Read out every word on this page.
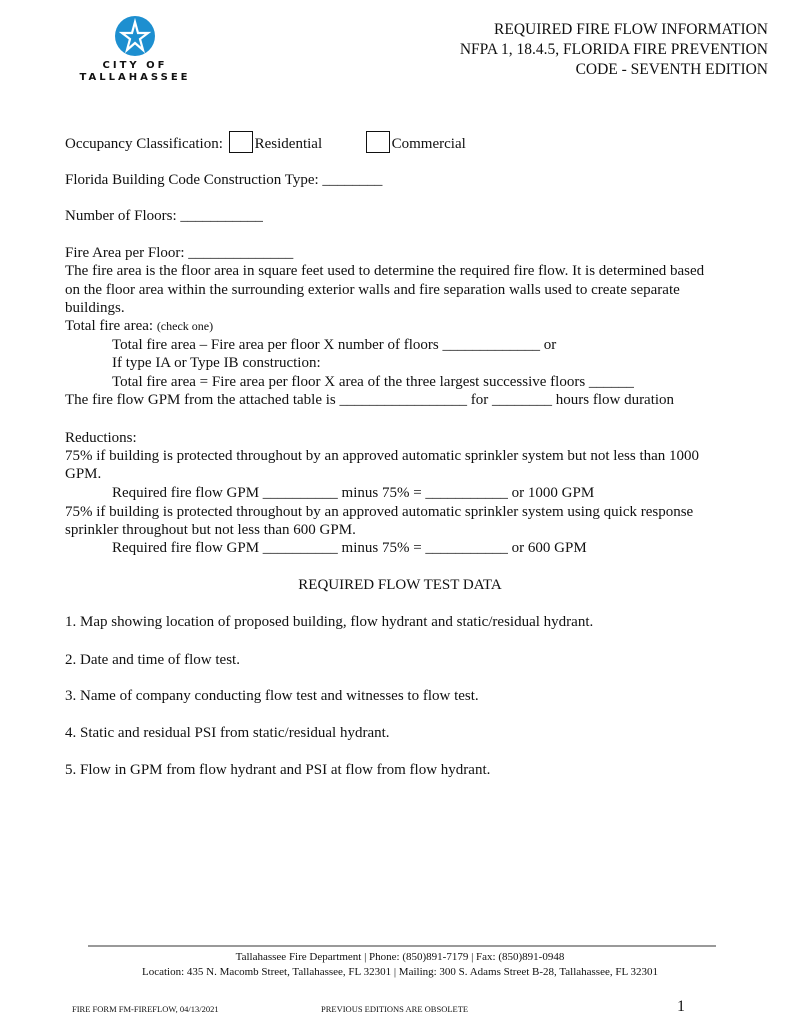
CITY OF
TALLAHASSEE
REQUIRED FIRE FLOW INFORMATION
NFPA 1, 18.4.5, FLORIDA FIRE PREVENTION
CODE - SEVENTH EDITION
Occupancy Classification: Residential	Commercial
Florida Building Code Construction Type: ________
Number of Floors: ___________
Fire Area per Floor: ______________
The fire area is the floor area in square feet used to determine the required fire flow. It is determined based
on the floor area within the surrounding exterior walls and fire separation walls used to create separate
buildings.
Total fire area: (check one)
Total fire area – Fire area per floor X number of floors _____________ or
If type IA or Type IB construction:
Total fire area = Fire area per floor X area of the three largest successive floors ______
The fire flow GPM from the attached table is _________________ for ________ hours flow duration
Reductions:
75% if building is protected throughout by an approved automatic sprinkler system but not less than 1000
GPM.
Required fire flow GPM __________ minus 75% = ___________ or 1000 GPM
75% if building is protected throughout by an approved automatic sprinkler system using quick response
sprinkler throughout but not less than 600 GPM.
Required fire flow GPM __________ minus 75% = ___________ or 600 GPM
REQUIRED FLOW TEST DATA
1. Map showing location of proposed building, flow hydrant and static/residual hydrant.
2. Date and time of flow test.
3. Name of company conducting flow test and witnesses to flow test.
4. Static and residual PSI from static/residual hydrant.
5. Flow in GPM from flow hydrant and PSI at flow from flow hydrant.
Tallahassee Fire Department | Phone: (850)891-7179 | Fax: (850)891-0948
Location: 435 N. Macomb Street, Tallahassee, FL 32301 | Mailing: 300 S. Adams Street B-28, Tallahassee, FL 32301
FIRE FORM FM-FIREFLOW, 04/13/2021	PREVIOUS EDITIONS ARE OBSOLETE	1
